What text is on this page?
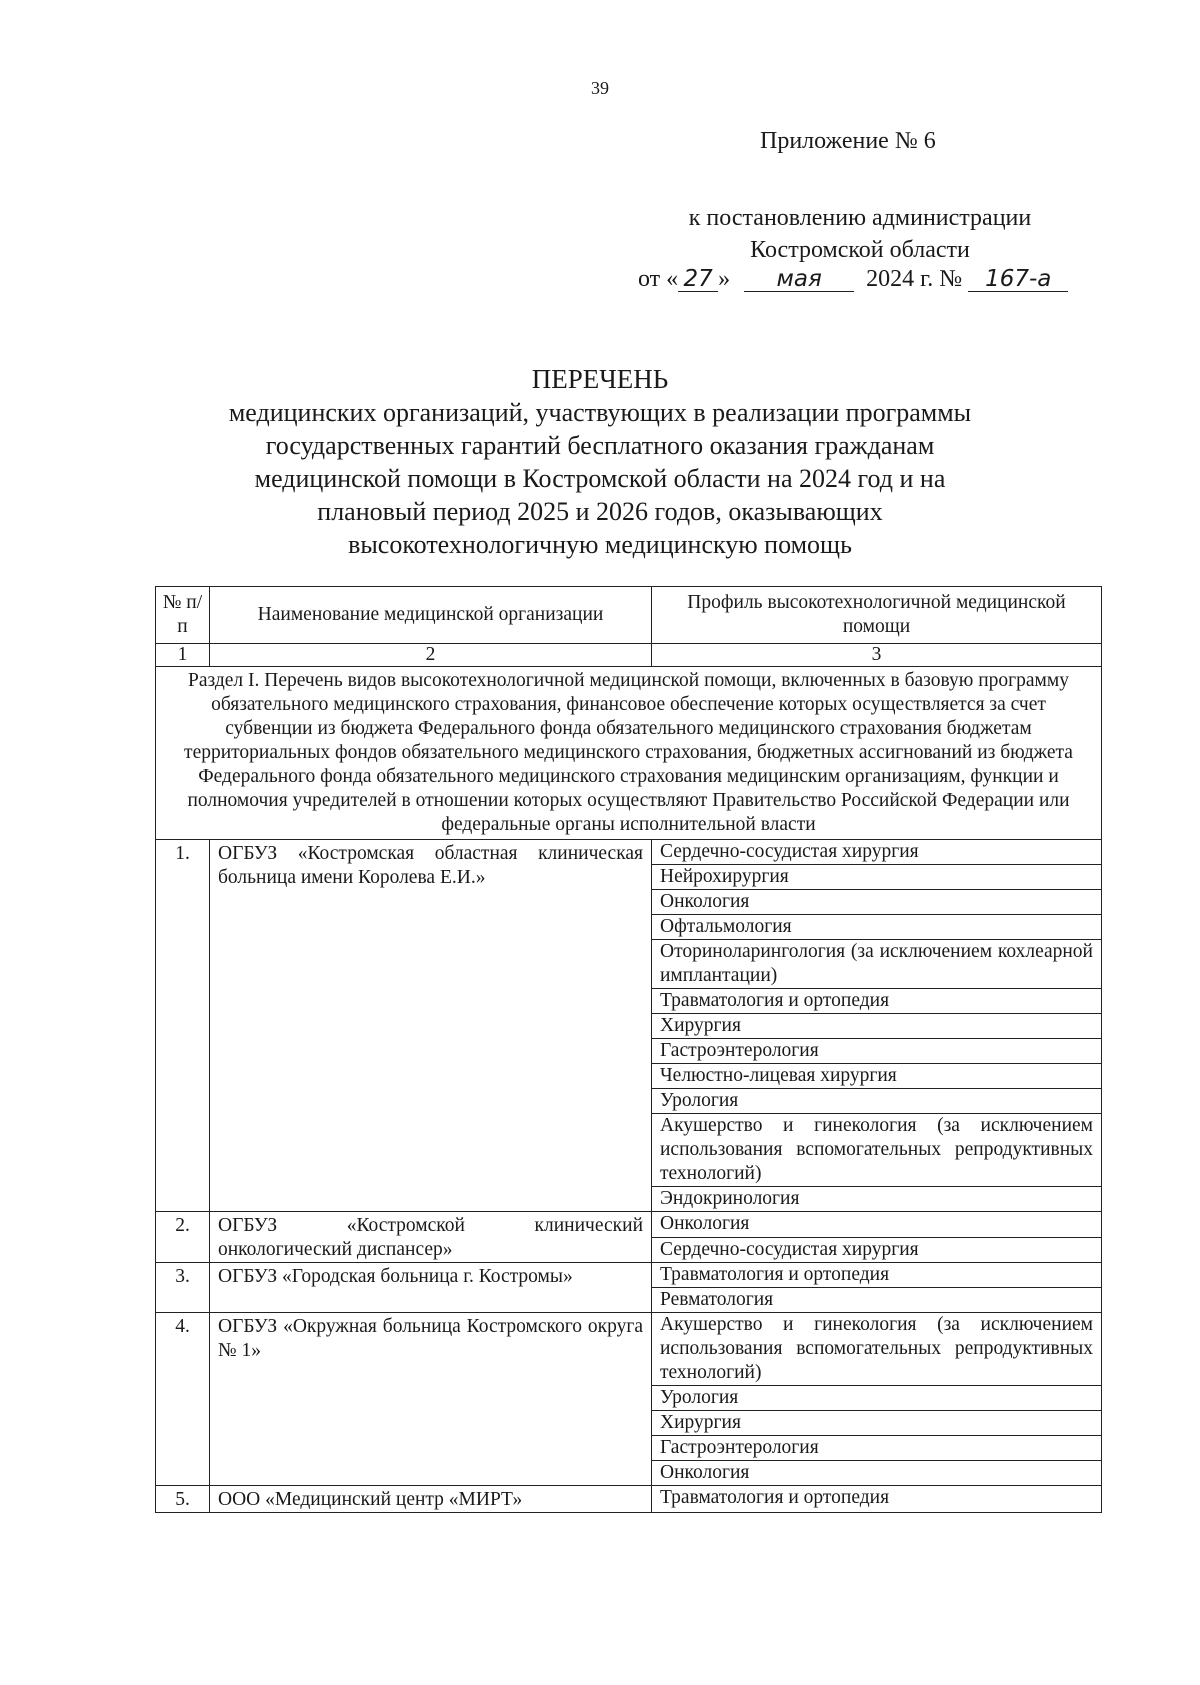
39
Приложение № 6
к постановлению администрации
Костромской области
от « 27 » мая 2024 г. № 167-а
ПЕРЕЧЕНЬ
медицинских организаций, участвующих в реализации программы государственных гарантий бесплатного оказания гражданам медицинской помощи в Костромской области на 2024 год и на плановый период 2025 и 2026 годов, оказывающих высокотехнологичную медицинскую помощь
№ п/п	Наименование медицинской организации	Профиль высокотехнологичной медицинской помощи
1	2	3
Раздел I. Перечень видов высокотехнологичной медицинской помощи, включенных в базовую программу обязательного медицинского страхования, финансовое обеспечение которых осуществляется за счет субвенции из бюджета Федерального фонда обязательного медицинского страхования бюджетам территориальных фондов обязательного медицинского страхования, бюджетных ассигнований из бюджета Федерального фонда обязательного медицинского страхования медицинским организациям, функции и полномочия учредителей в отношении которых осуществляют Правительство Российской Федерации или федеральные органы исполнительной власти		
1.	ОГБУЗ «Костромская областная клиническая больница имени Королева Е.И.»	Сердечно-сосудистая хирургия
		Нейрохирургия
		Онкология
		Офтальмология
		Оториноларингология (за исключением кохлеарной имплантации)
		Травматология и ортопедия
		Хирургия
		Гастроэнтерология
		Челюстно-лицевая хирургия
		Урология
		Акушерство и гинекология (за исключением использования вспомогательных репродуктивных технологий)
		Эндокринология
2.	ОГБУЗ «Костромской клинический онкологический диспансер»	Онкология
		Сердечно-сосудистая хирургия
3.	ОГБУЗ «Городская больница г. Костромы»	Травматология и ортопедия
		Ревматология
4.	ОГБУЗ «Окружная больница Костромского округа № 1»	Акушерство и гинекология (за исключением использования вспомогательных репродуктивных технологий)
		Урология
		Хирургия
		Гастроэнтерология
		Онкология
5.	ООО «Медицинский центр «МИРТ»	Травматология и ортопедия
